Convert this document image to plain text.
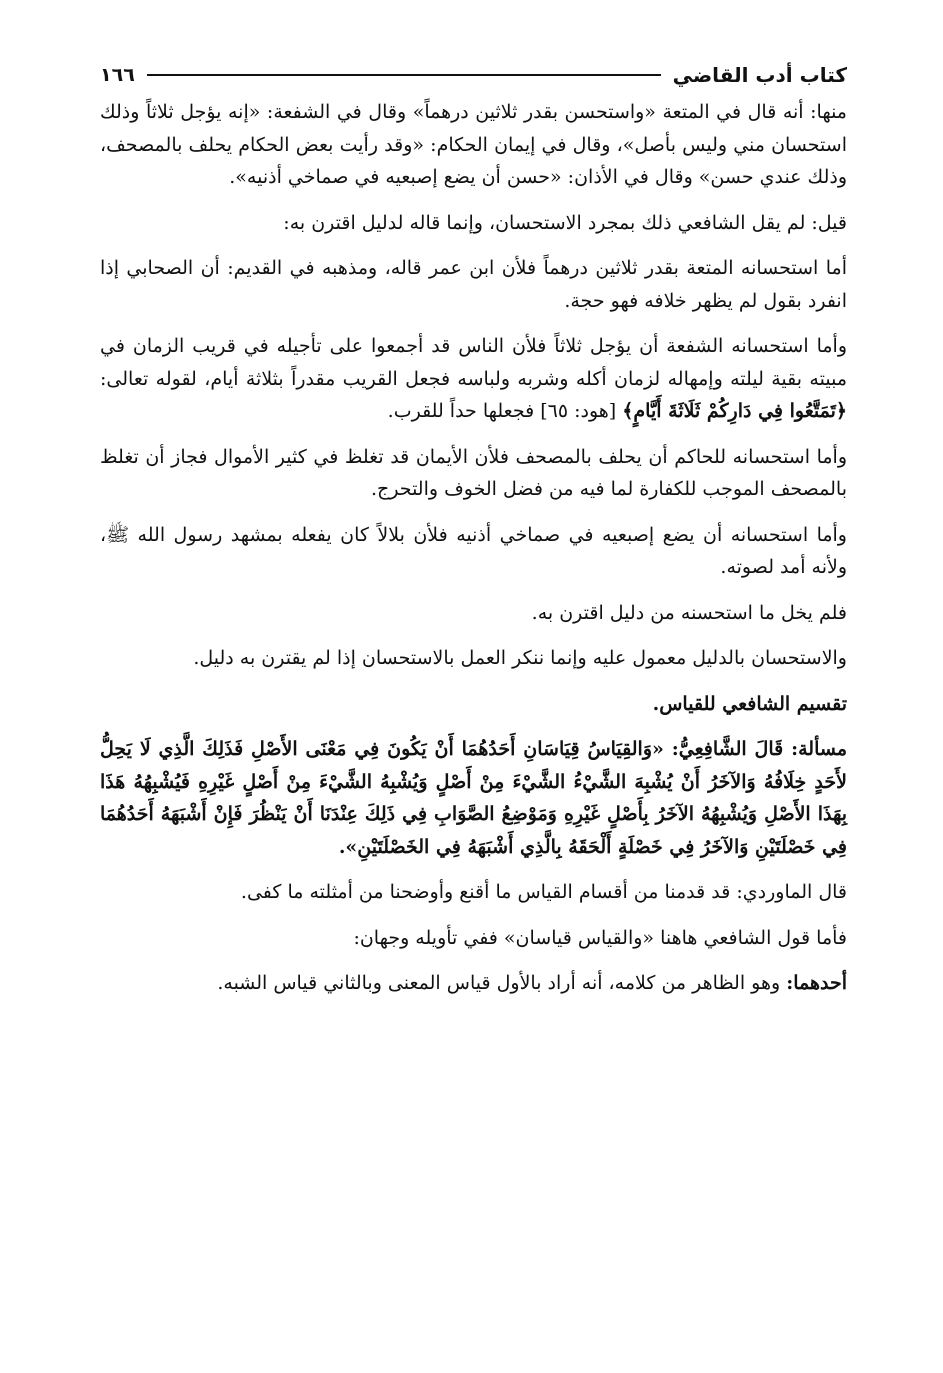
كتاب أدب القاضي
١٦٦

منها: أنه قال في المتعة «واستحسن بقدر ثلاثين درهماً» وقال في الشفعة: «إنه يؤجل ثلاثاً وذلك استحسان مني وليس بأصل»، وقال في إيمان الحكام: «وقد رأيت بعض الحكام يحلف بالمصحف، وذلك عندي حسن» وقال في الأذان: «حسن أن يضع إصبعيه في صماخي أذنيه».

قيل: لم يقل الشافعي ذلك بمجرد الاستحسان، وإنما قاله لدليل اقترن به:

أما استحسانه المتعة بقدر ثلاثين درهماً فلأن ابن عمر قاله، ومذهبه في القديم: أن الصحابي إذا انفرد بقول لم يظهر خلافه فهو حجة.

وأما استحسانه الشفعة أن يؤجل ثلاثاً فلأن الناس قد أجمعوا على تأجيله في قريب الزمان في مبيته بقية ليلته وإمهاله لزمان أكله وشربه ولباسه فجعل القريب مقدراً بثلاثة أيام، لقوله تعالى: ﴿تَمَتَّعُوا فِي دَارِكُمْ ثَلَاثَةَ أَيَّامٍ﴾ [هود: ٦٥] فجعلها حداً للقرب.

وأما استحسانه للحاكم أن يحلف بالمصحف فلأن الأيمان قد تغلظ في كثير الأموال فجاز أن تغلظ بالمصحف الموجب للكفارة لما فيه من فضل الخوف والتحرج.

وأما استحسانه أن يضع إصبعيه في صماخي أذنيه فلأن بلالاً كان يفعله بمشهد رسول الله ﷺ، ولأنه أمد لصوته.

فلم يخل ما استحسنه من دليل اقترن به.

والاستحسان بالدليل معمول عليه وإنما ننكر العمل بالاستحسان إذا لم يقترن به دليل.

تقسيم الشافعي للقياس.

مسألة: قَالَ الشَّافِعِيُّ: «وَالقِيَاسُ قِيَاسَانِ أَحَدُهُمَا أَنْ يَكُونَ فِي مَعْنَى الأَصْلِ فَذَلِكَ الَّذِي لَا يَحِلُّ لأَحَدٍ خِلَافُهُ وَالآخَرُ أَنْ يُشْبِهَ الشَّيْءُ الشَّيْءَ مِنْ أَصْلٍ وَيُشْبِهُ الشَّيْءَ مِنْ أَصْلٍ غَيْرِهِ فَيُشْبِهُهُ هَذَا بِهَذَا الأَصْلِ وَيُشْبِهُهُ الآخَرُ بِأَصْلٍ غَيْرِهِ وَمَوْضِعُ الصَّوَابِ فِي ذَلِكَ عِنْدَنَا أَنْ يَنْظُرَ فَإِنْ أَشْبَهَهُ أَحَدُهُمَا فِي خَصْلَتَيْنِ وَالآخَرُ فِي خَصْلَةٍ أَلْحَقَهُ بِالَّذِي أَشْبَهَهُ فِي الخَصْلَتَيْنِ».

قال الماوردي: قد قدمنا من أقسام القياس ما أقنع وأوضحنا من أمثلته ما كفى.

فأما قول الشافعي هاهنا «والقياس قياسان» ففي تأويله وجهان:

أحدهما: وهو الظاهر من كلامه، أنه أراد بالأول قياس المعنى وبالثاني قياس الشبه.
